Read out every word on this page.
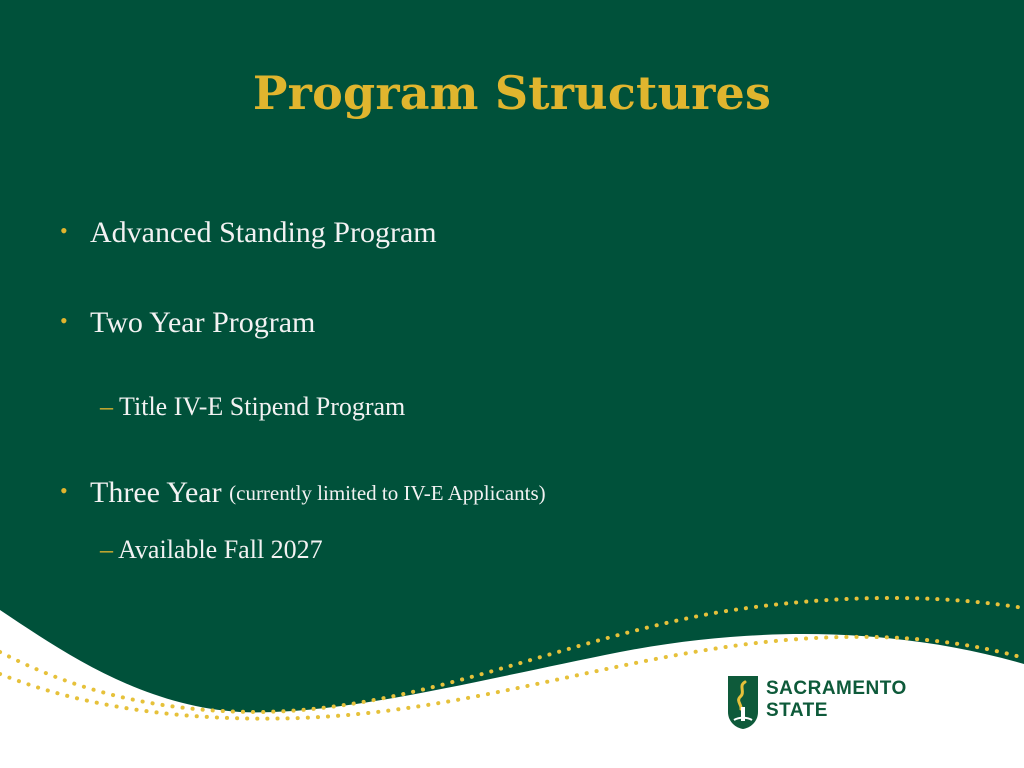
Program Structures
• Advanced Standing Program
• Two Year Program
– Title IV-E Stipend Program
• Three Year (currently limited to IV-E Applicants)
– Available Fall 2027
SACRAMENTO
STATE
